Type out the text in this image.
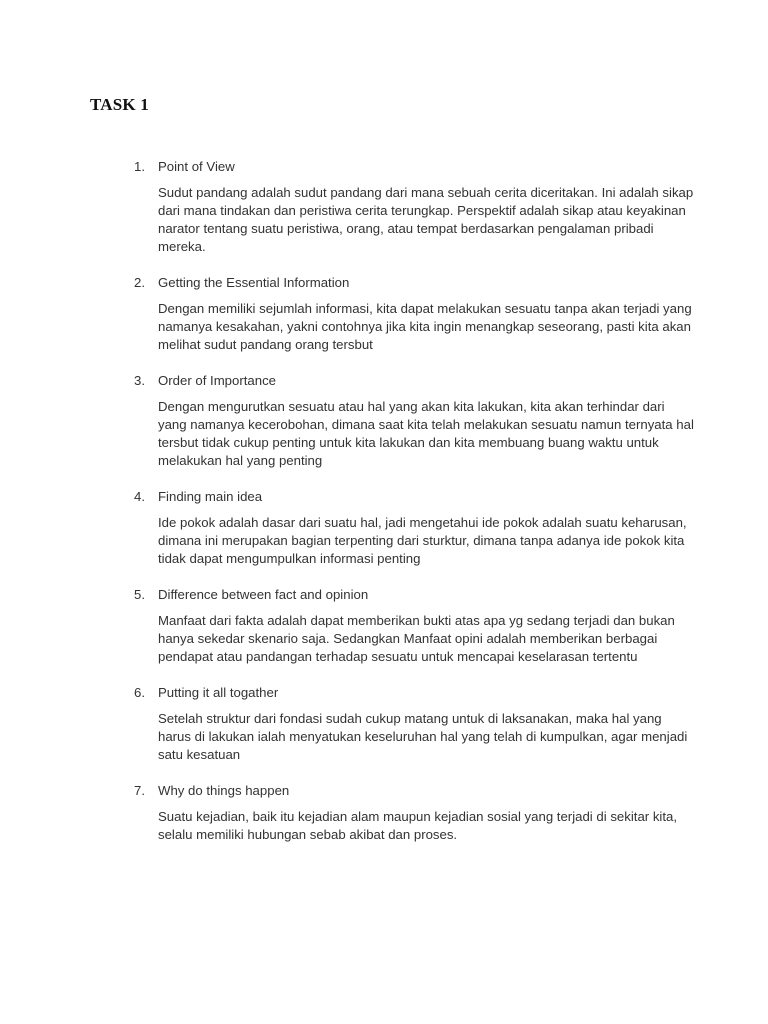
TASK 1
1. Point of View
Sudut pandang adalah sudut pandang dari mana sebuah cerita diceritakan. Ini adalah sikap dari mana tindakan dan peristiwa cerita terungkap. Perspektif adalah sikap atau keyakinan narator tentang suatu peristiwa, orang, atau tempat berdasarkan pengalaman pribadi mereka.
2. Getting the Essential Information
Dengan memiliki sejumlah informasi, kita dapat melakukan sesuatu tanpa akan terjadi yang namanya kesakahan, yakni contohnya jika kita ingin menangkap seseorang, pasti kita akan melihat sudut pandang orang tersbut
3. Order of Importance
Dengan mengurutkan sesuatu atau hal yang akan kita lakukan, kita akan terhindar dari yang namanya kecerobohan, dimana saat kita telah melakukan sesuatu namun ternyata hal tersbut tidak cukup penting untuk kita lakukan dan kita membuang buang waktu untuk melakukan hal yang penting
4. Finding main idea
Ide pokok adalah dasar dari suatu hal, jadi mengetahui ide pokok adalah suatu keharusan, dimana ini merupakan bagian terpenting dari sturktur, dimana tanpa adanya ide pokok kita tidak dapat mengumpulkan informasi penting
5. Difference between fact and opinion
Manfaat dari fakta adalah dapat memberikan bukti atas apa yg sedang terjadi dan bukan hanya sekedar skenario saja. Sedangkan Manfaat opini adalah memberikan berbagai pendapat atau pandangan terhadap sesuatu untuk mencapai keselarasan tertentu
6. Putting it all togather
Setelah struktur dari fondasi sudah cukup matang untuk di laksanakan, maka hal yang harus di lakukan ialah menyatukan keseluruhan hal yang telah di kumpulkan, agar menjadi satu kesatuan
7. Why do things happen
Suatu kejadian, baik itu kejadian alam maupun kejadian sosial yang terjadi di sekitar kita, selalu memiliki hubungan sebab akibat dan proses.
